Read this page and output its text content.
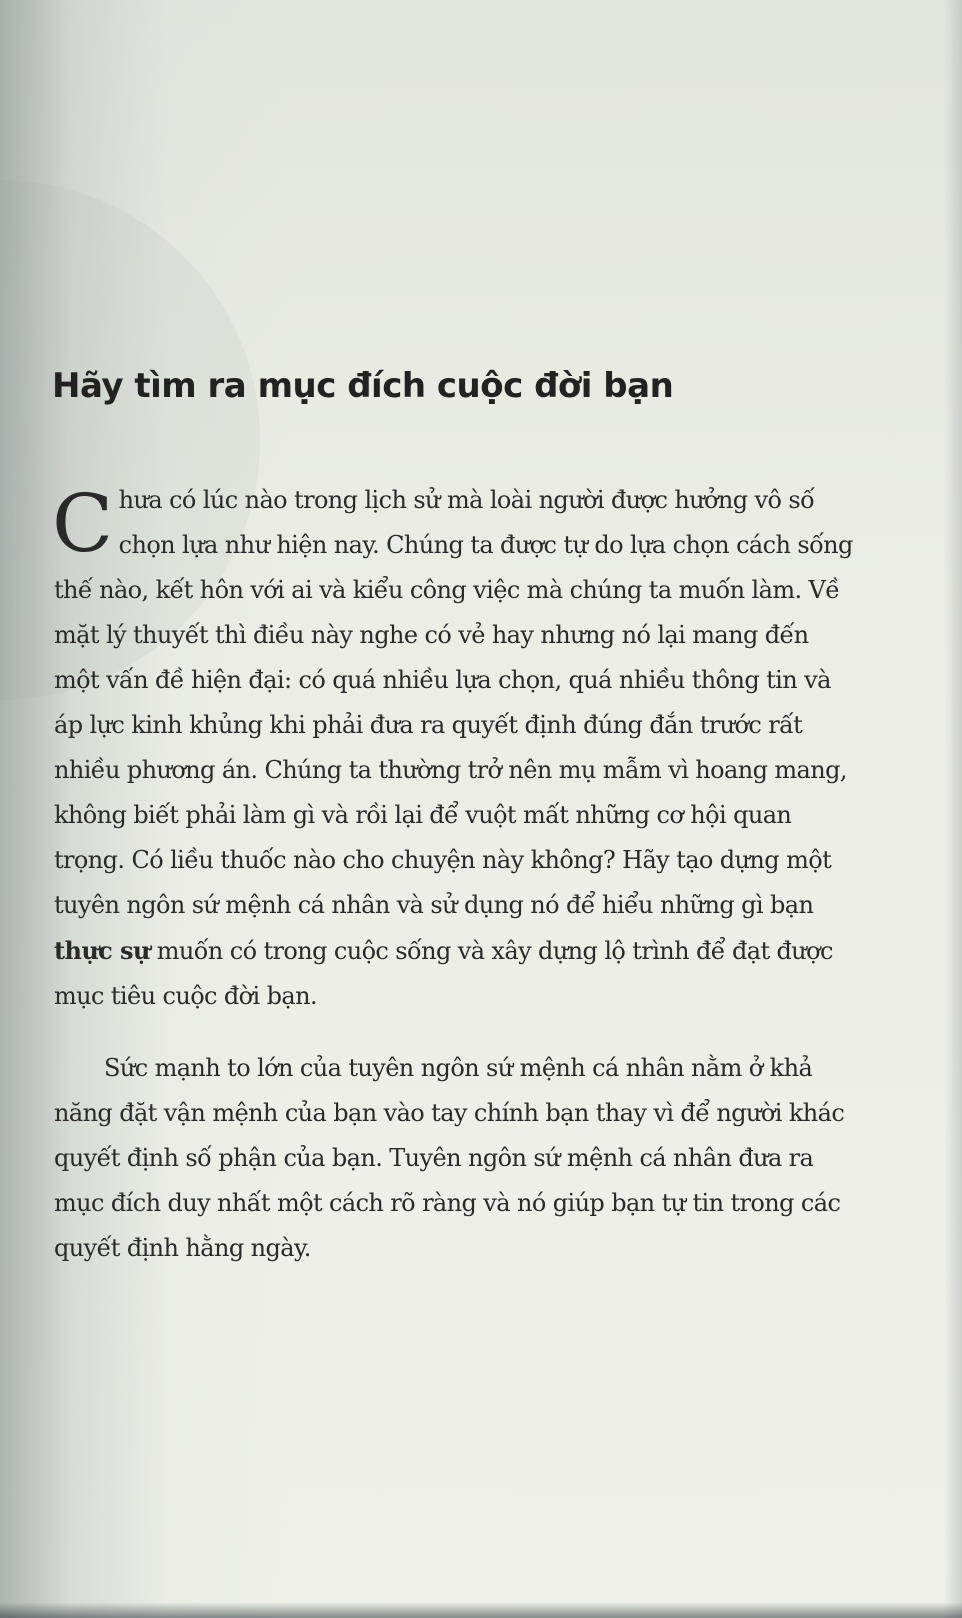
Hãy tìm ra mục đích cuộc đời bạn

Chưa có lúc nào trong lịch sử mà loài người được hưởng vô số chọn lựa như hiện nay. Chúng ta được tự do lựa chọn cách sống thế nào, kết hôn với ai và kiểu công việc mà chúng ta muốn làm. Về mặt lý thuyết thì điều này nghe có vẻ hay nhưng nó lại mang đến một vấn đề hiện đại: có quá nhiều lựa chọn, quá nhiều thông tin và áp lực kinh khủng khi phải đưa ra quyết định đúng đắn trước rất nhiều phương án. Chúng ta thường trở nên mụ mẫm vì hoang mang, không biết phải làm gì và rồi lại để vuột mất những cơ hội quan trọng. Có liều thuốc nào cho chuyện này không? Hãy tạo dựng một tuyên ngôn sứ mệnh cá nhân và sử dụng nó để hiểu những gì bạn thực sự muốn có trong cuộc sống và xây dựng lộ trình để đạt được mục tiêu cuộc đời bạn.

Sức mạnh to lớn của tuyên ngôn sứ mệnh cá nhân nằm ở khả năng đặt vận mệnh của bạn vào tay chính bạn thay vì để người khác quyết định số phận của bạn. Tuyên ngôn sứ mệnh cá nhân đưa ra mục đích duy nhất một cách rõ ràng và nó giúp bạn tự tin trong các quyết định hằng ngày.
